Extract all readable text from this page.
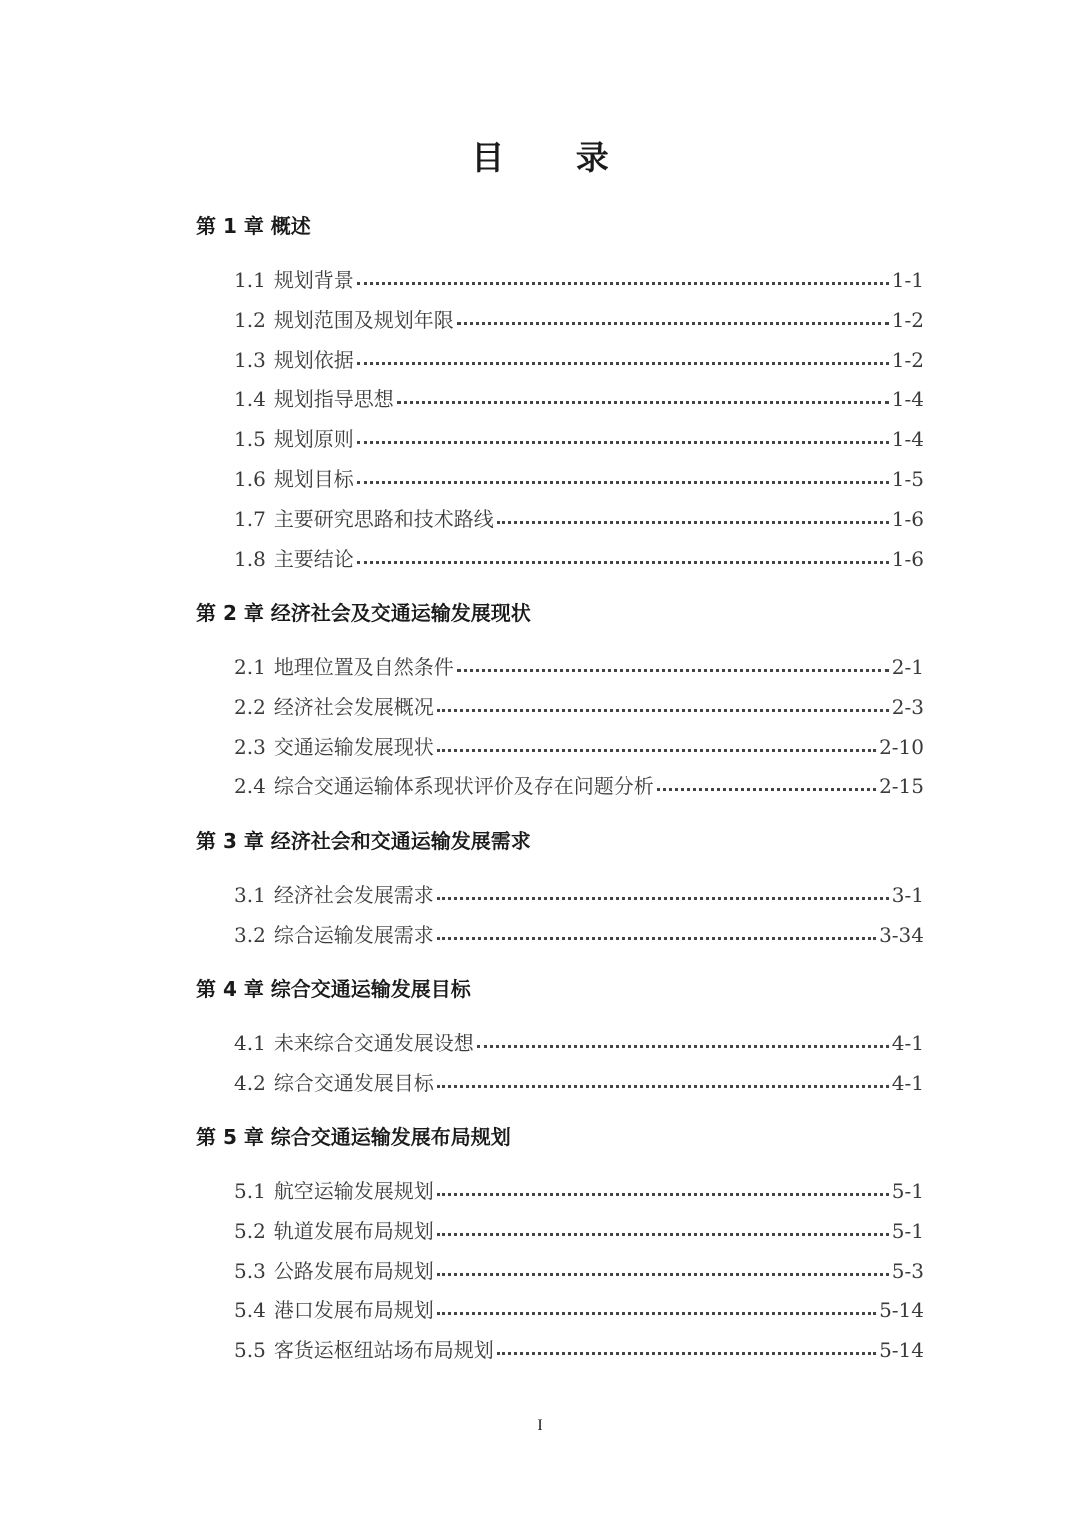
目 录
第 1 章 概述
1.1 规划背景	1-1
1.2 规划范围及规划年限	1-2
1.3 规划依据	1-2
1.4 规划指导思想	1-4
1.5 规划原则	1-4
1.6 规划目标	1-5
1.7 主要研究思路和技术路线	1-6
1.8 主要结论	1-6
第 2 章 经济社会及交通运输发展现状
2.1 地理位置及自然条件	2-1
2.2 经济社会发展概况	2-3
2.3 交通运输发展现状	2-10
2.4 综合交通运输体系现状评价及存在问题分析	2-15
第 3 章 经济社会和交通运输发展需求
3.1 经济社会发展需求	3-1
3.2 综合运输发展需求	3-34
第 4 章 综合交通运输发展目标
4.1 未来综合交通发展设想	4-1
4.2 综合交通发展目标	4-1
第 5 章 综合交通运输发展布局规划
5.1 航空运输发展规划	5-1
5.2 轨道发展布局规划	5-1
5.3 公路发展布局规划	5-3
5.4 港口发展布局规划	5-14
5.5 客货运枢纽站场布局规划	5-14
I
